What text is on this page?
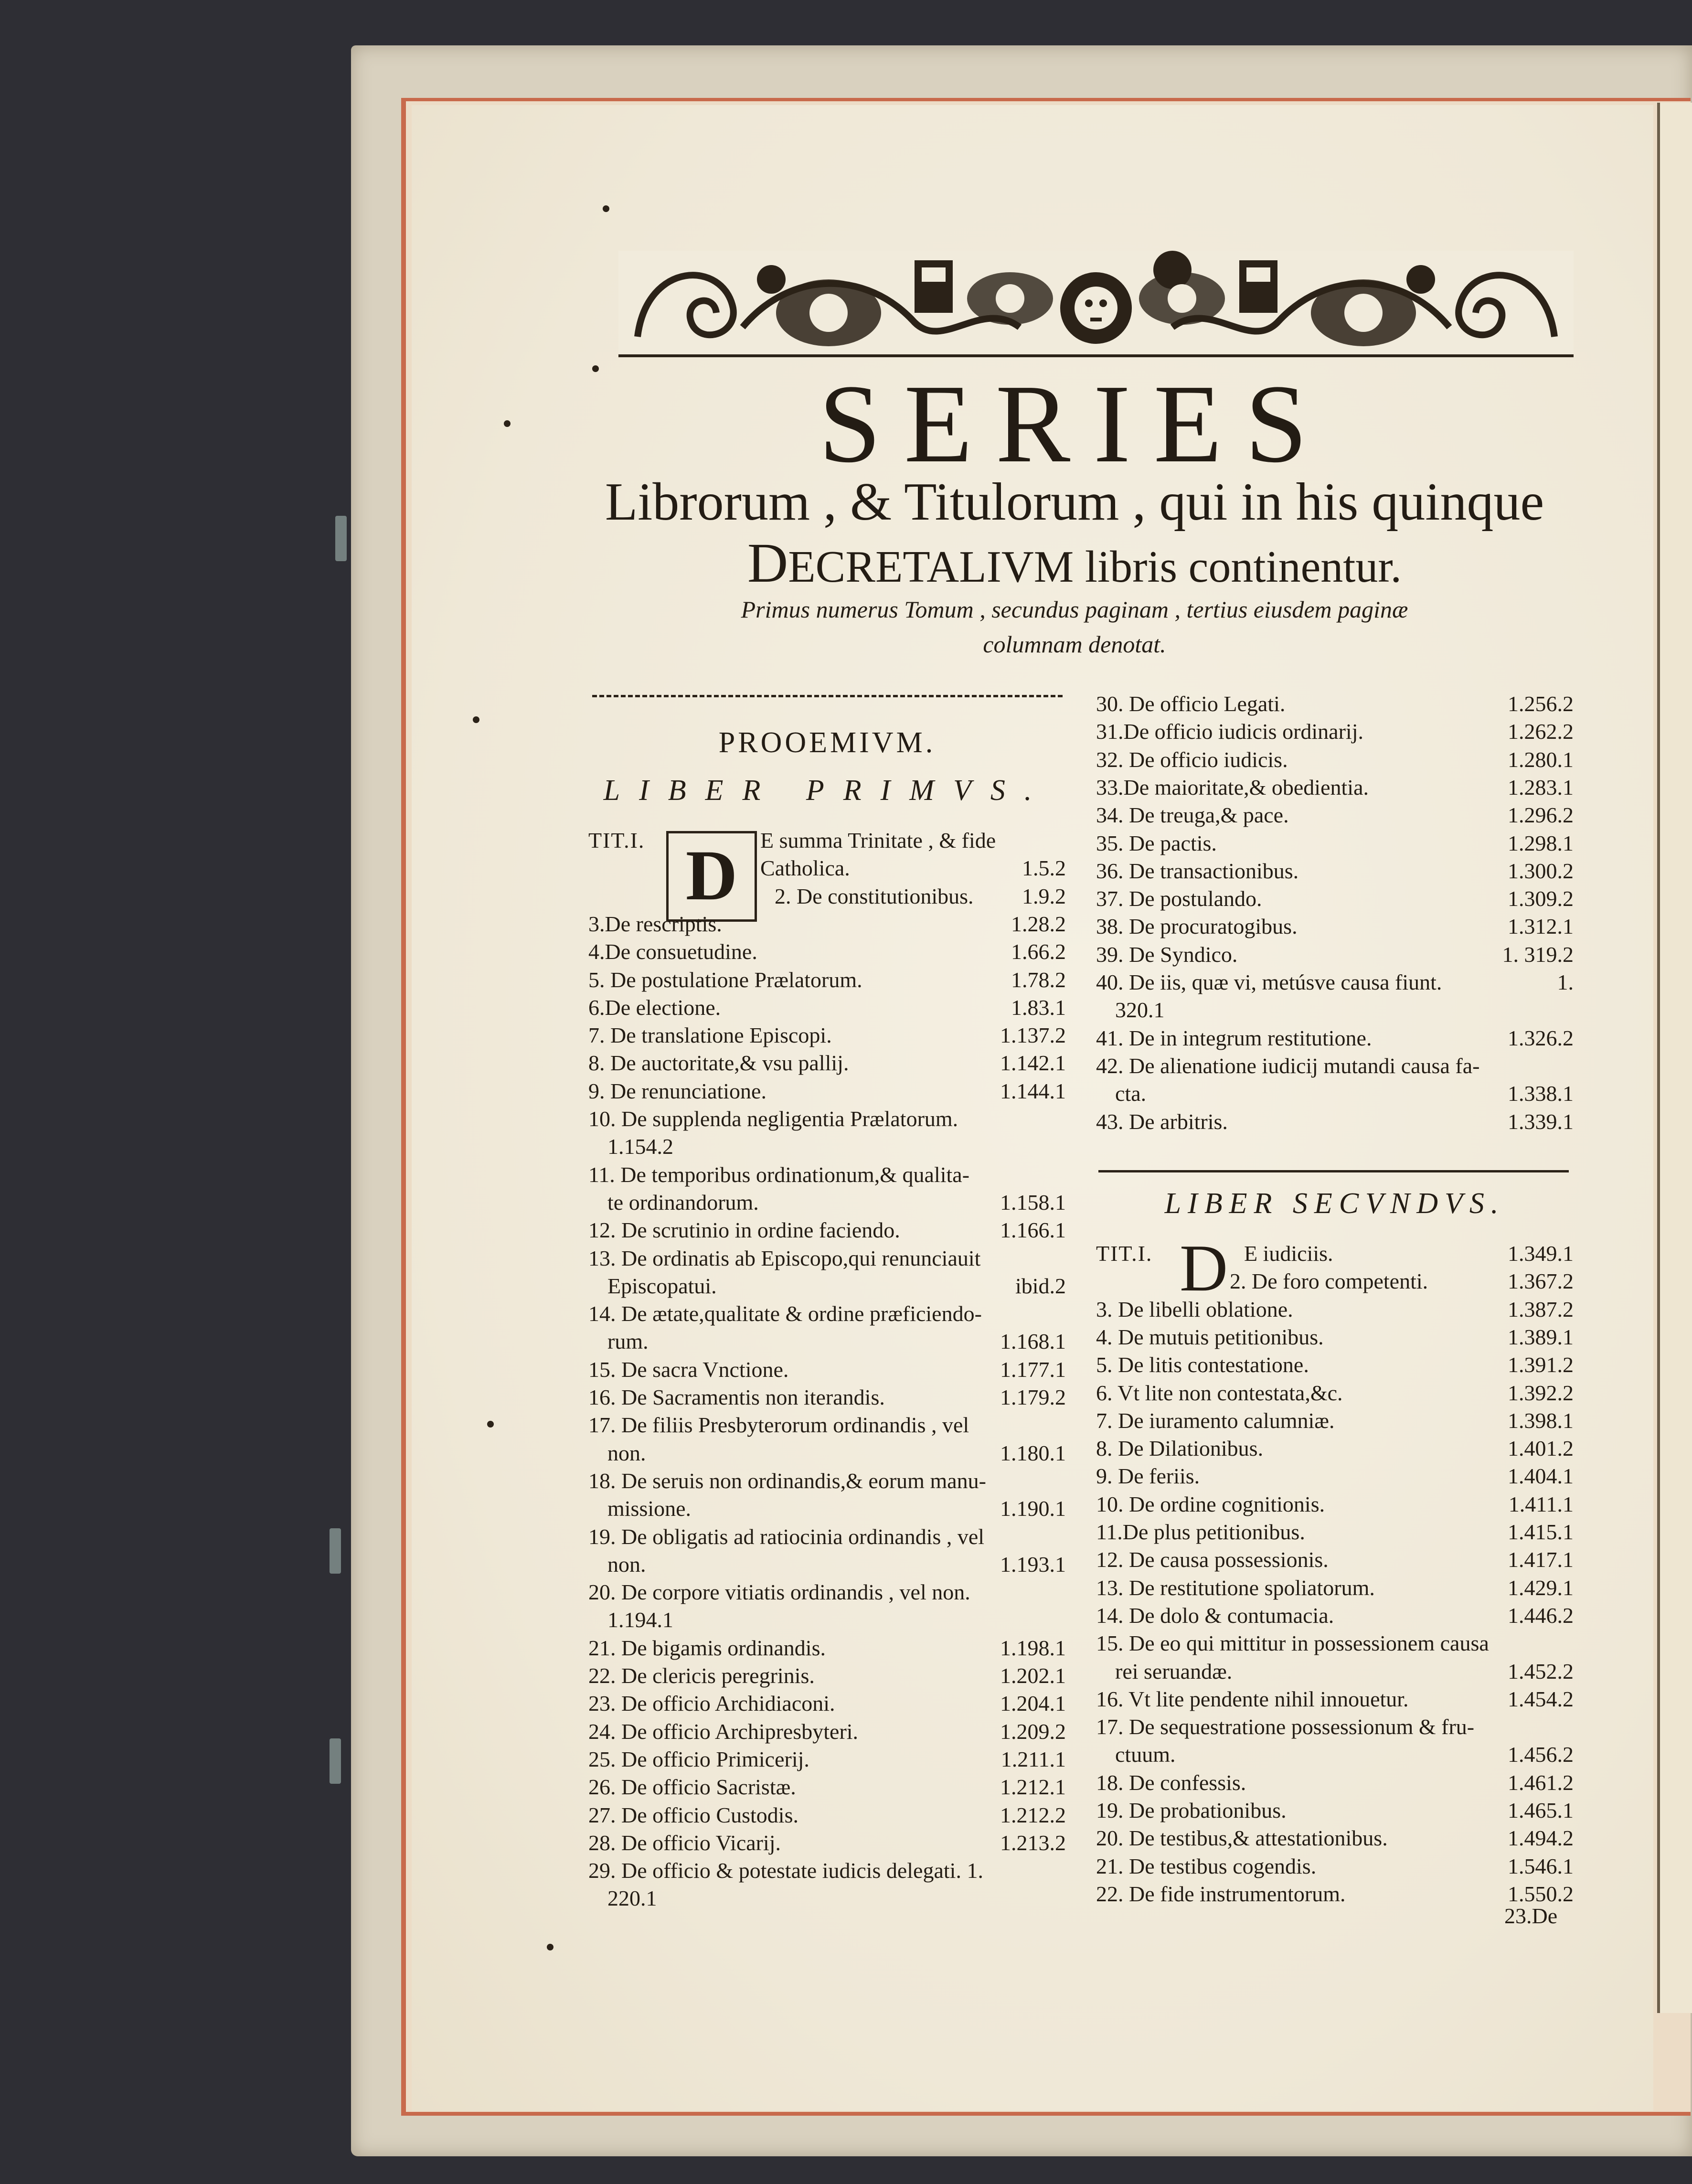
SERIES
Librorum , & Titulorum , qui in his quinque
DECRETALIVM libris continentur.
Primus numerus Tomum , secundus paginam , tertius eiusdem paginæ
columnam denotat.
PROOEMIVM.
LIBER PRIMVS.
D
TIT.I.	E summa Trinitate , & fide
Catholica.	1.5.2
2. De constitutionibus. 1.9.2
3.De rescriptis.	1.28.2
4.De consuetudine.	1.66.2
5. De postulatione Prælatorum.	1.78.2
6.De electione.	1.83.1
7. De translatione Episcopi.	1.137.2
8. De auctoritate,& vsu pallij.	1.142.1
9. De renunciatione.	1.144.1
10. De supplenda negligentia Prælatorum.
1.154.2
11. De temporibus ordinationum,& qualita-
te ordinandorum.	1.158.1
12. De scrutinio in ordine faciendo.	1.166.1
13. De ordinatis ab Episcopo,qui renunciauit
Episcopatui.	ibid.2
14. De ætate,qualitate & ordine præficiendo-
rum.	1.168.1
15. De sacra Vnctione.	1.177.1
16. De Sacramentis non iterandis.	1.179.2
17. De filiis Presbyterorum ordinandis , vel
non.	1.180.1
18. De seruis non ordinandis,& eorum manu-
missione.	1.190.1
19. De obligatis ad ratiocinia ordinandis , vel
non.	1.193.1
20. De corpore vitiatis ordinandis , vel non.
1.194.1
21. De bigamis ordinandis.	1.198.1
22. De clericis peregrinis.	1.202.1
23. De officio Archidiaconi.	1.204.1
24. De officio Archipresbyteri.	1.209.2
25. De officio Primicerij.	1.211.1
26. De officio Sacristæ.	1.212.1
27. De officio Custodis.	1.212.2
28. De officio Vicarij.	1.213.2
29. De officio & potestate iudicis delegati. 1.
220.1
30. De officio Legati.	1.256.2
31.De officio iudicis ordinarij.	1.262.2
32. De officio iudicis.	1.280.1
33.De maioritate,& obedientia.	1.283.1
34. De treuga,& pace.	1.296.2
35. De pactis.	1.298.1
36. De transactionibus.	1.300.2
37. De postulando.	1.309.2
38. De procuratogibus.	1.312.1
39. De Syndico.	1. 319.2
40. De iis, quæ vi, metúsve causa fiunt.	1.
320.1
41. De in integrum restitutione.	1.326.2
42. De alienatione iudicij mutandi causa fa-
cta.	1.338.1
43. De arbitris.	1.339.1
LIBER SECVNDVS.
TIT.I.	E iudiciis.	1.349.1
2. De foro competenti.	1.367.2
3. De libelli oblatione.	1.387.2
4. De mutuis petitionibus.	1.389.1
5. De litis contestatione.	1.391.2
6. Vt lite non contestata,&c.	1.392.2
7. De iuramento calumniæ.	1.398.1
8. De Dilationibus.	1.401.2
9. De feriis.	1.404.1
10. De ordine cognitionis.	1.411.1
11.De plus petitionibus.	1.415.1
12. De causa possessionis.	1.417.1
13. De restitutione spoliatorum.	1.429.1
14. De dolo & contumacia.	1.446.2
15. De eo qui mittitur in possessionem causa
rei seruandæ.	1.452.2
16. Vt lite pendente nihil innouetur.	1.454.2
17. De sequestratione possessionum & fru-
ctuum.	1.456.2
18. De confessis.	1.461.2
19. De probationibus.	1.465.1
20. De testibus,& attestationibus.	1.494.2
21. De testibus cogendis.	1.546.1
22. De fide instrumentorum.	1.550.2
D
23.De
